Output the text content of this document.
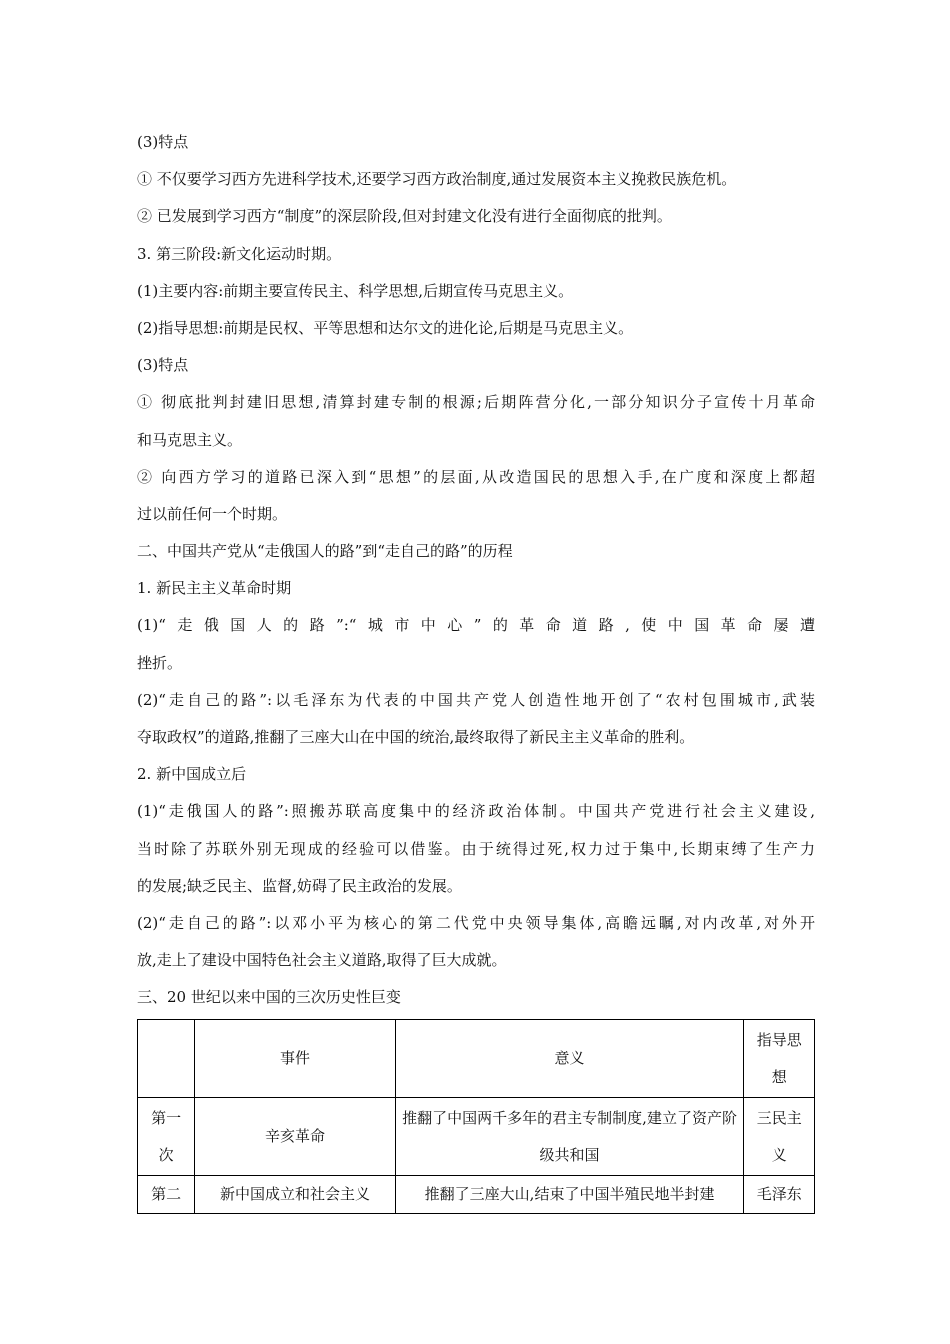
(3)特点
① 不仅要学习西方先进科学技术,还要学习西方政治制度,通过发展资本主义挽救民族危机。
② 已发展到学习西方“制度”的深层阶段,但对封建文化没有进行全面彻底的批判。
3. 第三阶段:新文化运动时期。
(1)主要内容:前期主要宣传民主、科学思想,后期宣传马克思主义。
(2)指导思想:前期是民权、平等思想和达尔文的进化论,后期是马克思主义。
(3)特点
① 彻底批判封建旧思想,清算封建专制的根源;后期阵营分化,一部分知识分子宣传十月革命
和马克思主义。
② 向西方学习的道路已深入到“思想”的层面,从改造国民的思想入手,在广度和深度上都超
过以前任何一个时期。
二、中国共产党从“走俄国人的路”到“走自己的路”的历程
1. 新民主主义革命时期
(1)“走俄国人的路”:“城市中心”的革命道路,使中国革命屡遭
挫折。
(2)“走自己的路”:以毛泽东为代表的中国共产党人创造性地开创了“农村包围城市,武装
夺取政权”的道路,推翻了三座大山在中国的统治,最终取得了新民主主义革命的胜利。
2. 新中国成立后
(1)“走俄国人的路”:照搬苏联高度集中的经济政治体制。中国共产党进行社会主义建设,
当时除了苏联外别无现成的经验可以借鉴。由于统得过死,权力过于集中,长期束缚了生产力
的发展;缺乏民主、监督,妨碍了民主政治的发展。
(2)“走自己的路”:以邓小平为核心的第二代党中央领导集体,高瞻远瞩,对内改革,对外开
放,走上了建设中国特色社会主义道路,取得了巨大成就。
三、20 世纪以来中国的三次历史性巨变
	事件	意义	指导思想
第一次	辛亥革命	推翻了中国两千多年的君主专制制度,建立了资产阶级共和国	三民主义
第二	新中国成立和社会主义	推翻了三座大山,结束了中国半殖民地半封建	毛泽东
